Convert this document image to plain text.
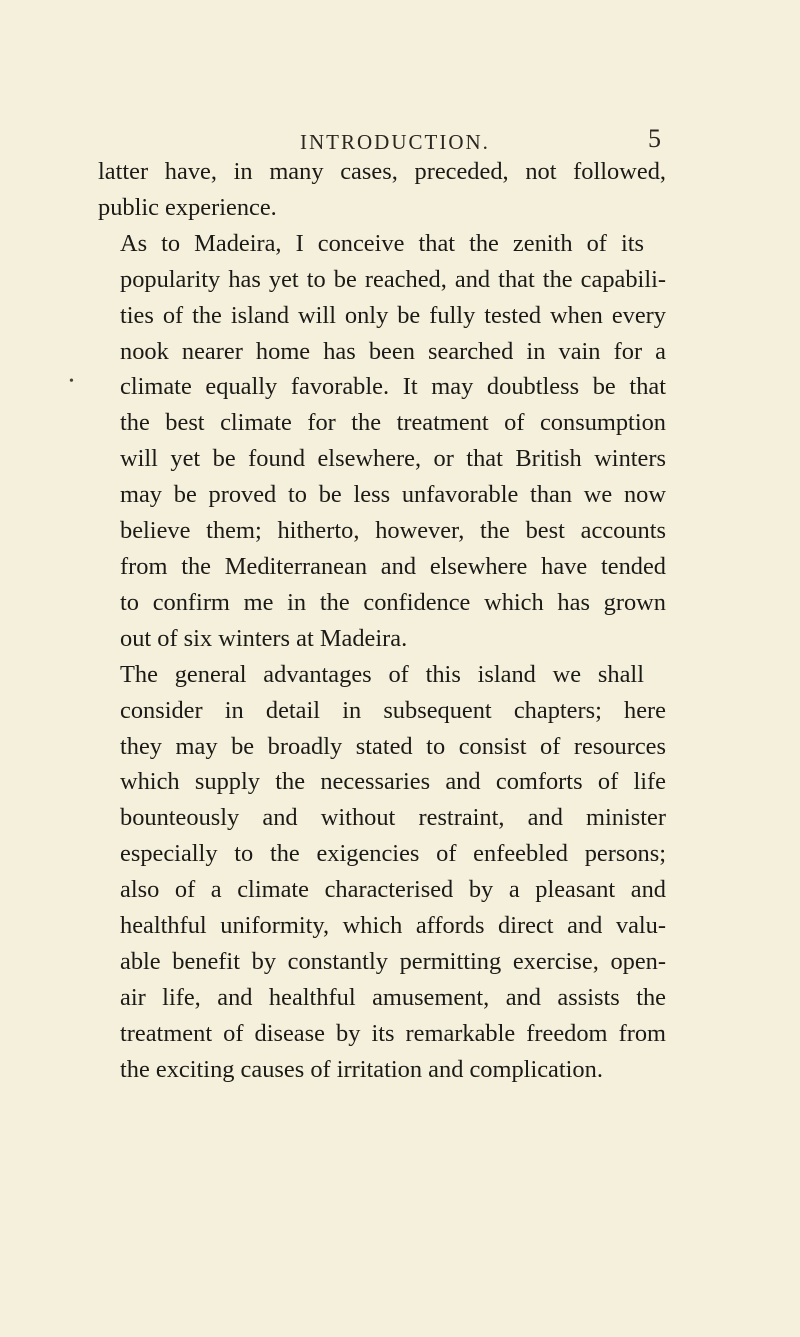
INTRODUCTION.	5
•

latter have, in many cases, preceded, not followed,
public experience.

As to Madeira, I conceive that the zenith of its
popularity has yet to be reached, and that the capabili-
ties of the island will only be fully tested when every
nook nearer home has been searched in vain for a
climate equally favorable. It may doubtless be that
the best climate for the treatment of consumption
will yet be found elsewhere, or that British winters
may be proved to be less unfavorable than we now
believe them; hitherto, however, the best accounts
from the Mediterranean and elsewhere have tended
to confirm me in the confidence which has grown
out of six winters at Madeira.

The general advantages of this island we shall
consider in detail in subsequent chapters; here
they may be broadly stated to consist of resources
which supply the necessaries and comforts of life
bounteously and without restraint, and minister
especially to the exigencies of enfeebled persons;
also of a climate characterised by a pleasant and
healthful uniformity, which affords direct and valu-
able benefit by constantly permitting exercise, open-
air life, and healthful amusement, and assists the
treatment of disease by its remarkable freedom from
the exciting causes of irritation and complication.
